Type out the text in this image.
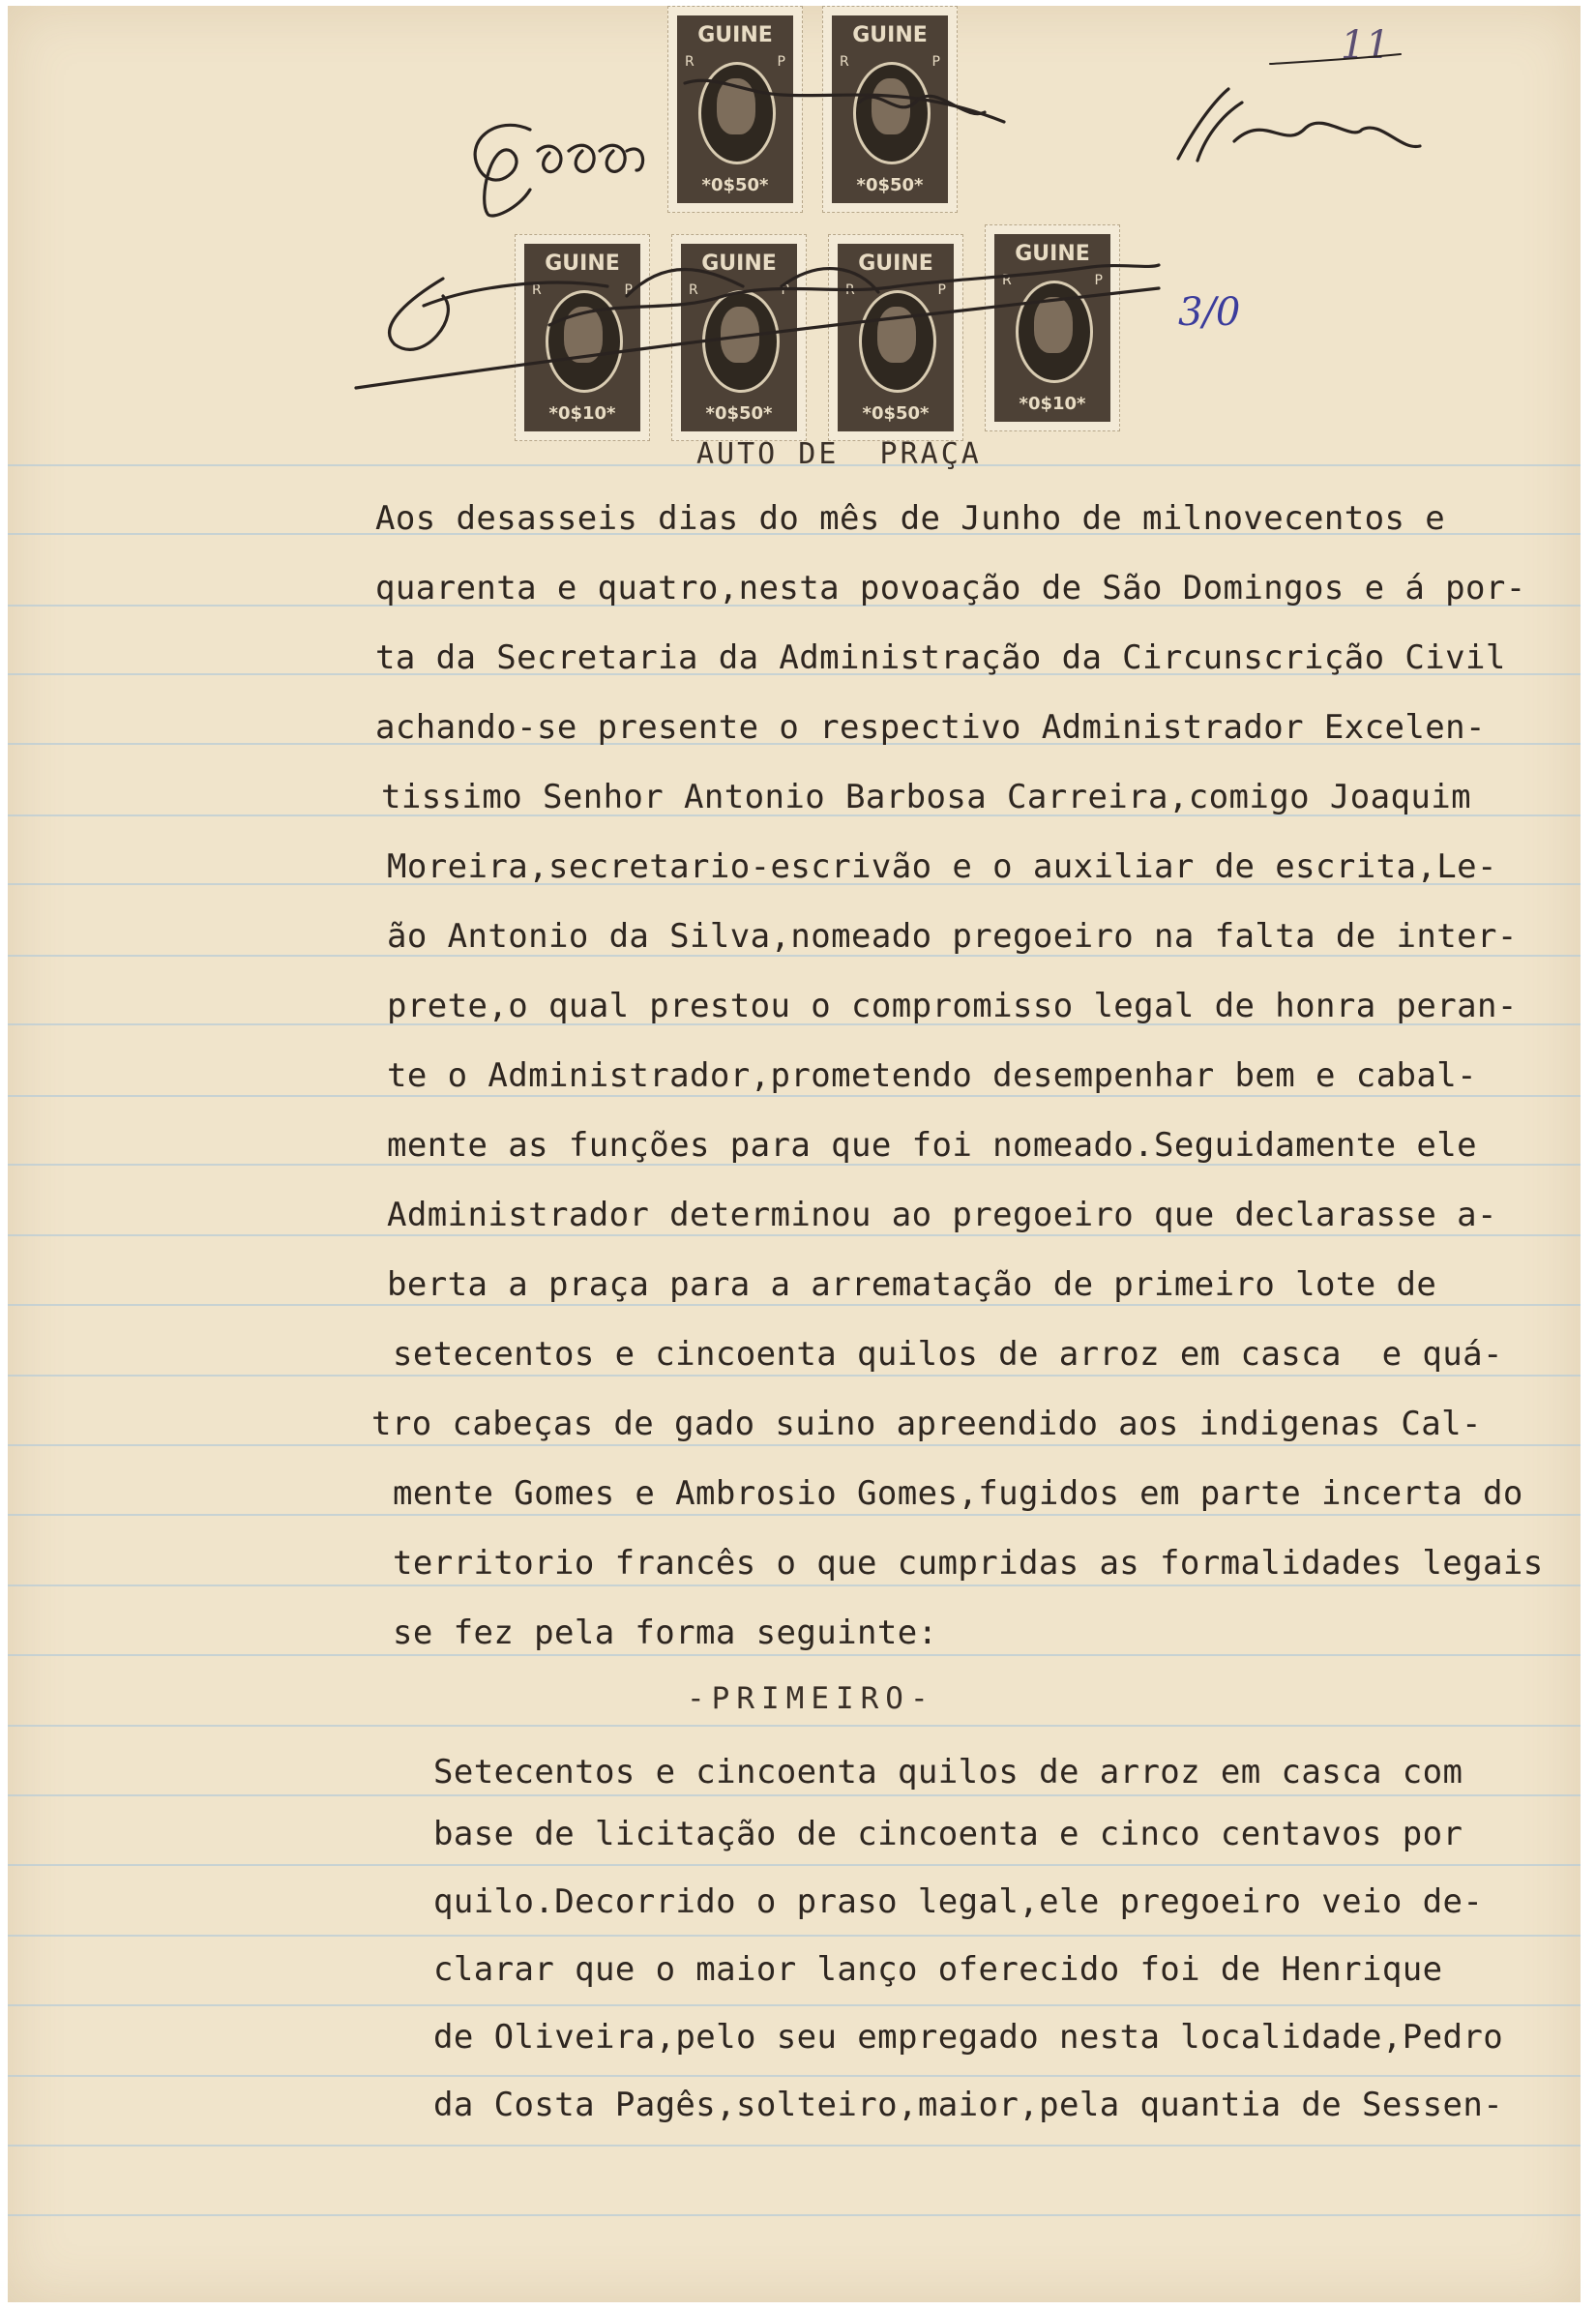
11
GUINE
R	P
*0$50*
GUINE
R	P
*0$50*
GUINE
R	P
*0$10*
GUINE
R	P
*0$50*
GUINE
R	P
*0$50*
GUINE
R	P
*0$10*
3/0
AUTO DE  PRAÇA
Aos desasseis dias do mês de Junho de milnovecentos e
quarenta e quatro,nesta povoação de São Domingos e á por-
ta da Secretaria da Administração da Circunscrição Civil
achando-se presente o respectivo Administrador Excelen-
tissimo Senhor Antonio Barbosa Carreira,comigo Joaquim
Moreira,secretario-escrivão e o auxiliar de escrita,Le-
ão Antonio da Silva,nomeado pregoeiro na falta de inter-
prete,o qual prestou o compromisso legal de honra peran-
te o Administrador,prometendo desempenhar bem e cabal-
mente as funções para que foi nomeado.Seguidamente ele
Administrador determinou ao pregoeiro que declarasse a-
berta a praça para a arrematação de primeiro lote de
setecentos e cincoenta quilos de arroz em casca  e quá-
tro cabeças de gado suino apreendido aos indigenas Cal-
mente Gomes e Ambrosio Gomes,fugidos em parte incerta do
territorio francês o que cumpridas as formalidades legais
se fez pela forma seguinte:
-PRIMEIRO-
Setecentos e cincoenta quilos de arroz em casca com
base de licitação de cincoenta e cinco centavos por
quilo.Decorrido o praso legal,ele pregoeiro veio de-
clarar que o maior lanço oferecido foi de Henrique
de Oliveira,pelo seu empregado nesta localidade,Pedro
da Costa Pagês,solteiro,maior,pela quantia de Sessen-
